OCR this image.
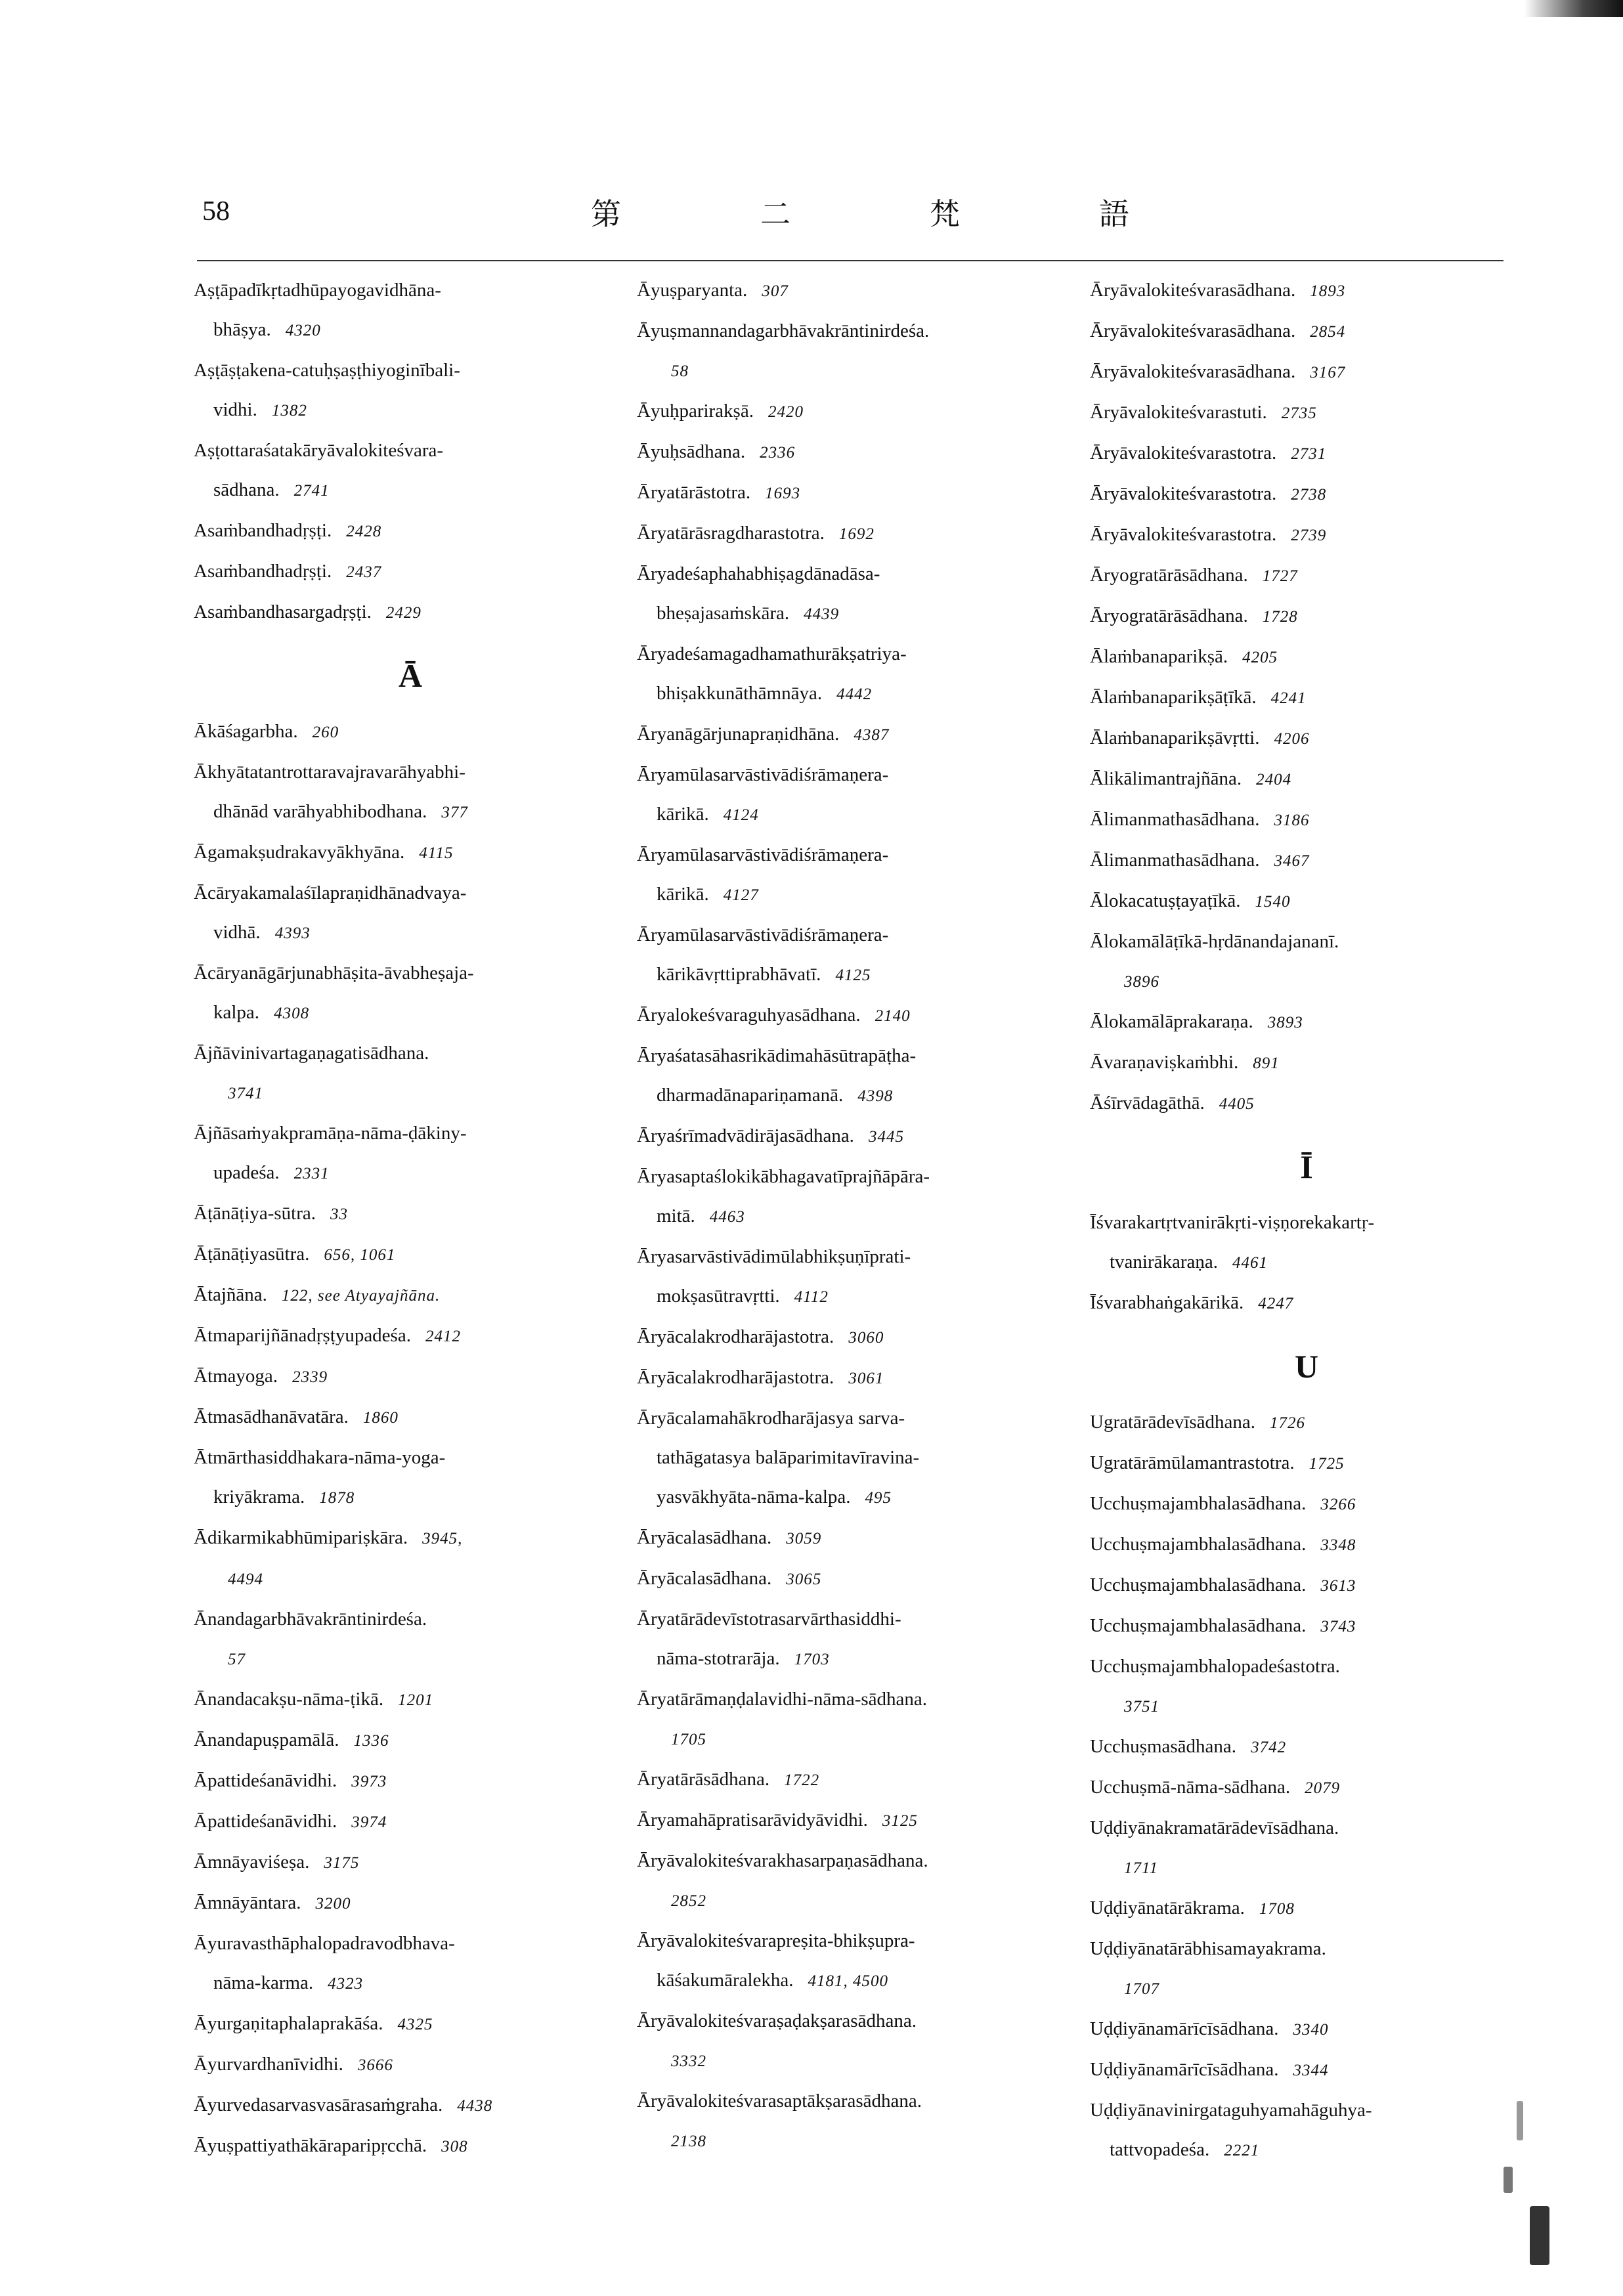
58	第	二	梵	語
Aṣṭāpadīkṛtadhūpayogavidhāna-
bhāṣya. 4320
Aṣṭāṣṭakena-catuḥṣaṣṭhiyoginībali-
vidhi. 1382
Aṣṭottaraśatakāryāvalokiteśvara-
sādhana. 2741
Asaṁbandhadṛṣṭi. 2428
Asaṁbandhadṛṣṭi. 2437
Asaṁbandhasargadṛṣṭi. 2429
Ā
Ākāśagarbha. 260
Ākhyātatantrottaravajravarāhyabhi-
dhānād varāhyabhibodhana. 377
Āgamakṣudrakavyākhyāna. 4115
Ācāryakamalaśīlapraṇidhānadvaya-
vidhā. 4393
Ācāryanāgārjunabhāṣita-āvabheṣaja-
kalpa. 4308
Ājñāvinivartagaṇagatisādhana.
3741
Ājñāsaṁyakpramāṇa-nāma-ḍākiny-
upadeśa. 2331
Āṭānāṭiya-sūtra. 33
Āṭānāṭiyasūtra. 656, 1061
Ātajñāna. 122, see Atyayajñāna.
Ātmaparijñānadṛṣṭyupadeśa. 2412
Ātmayoga. 2339
Ātmasādhanāvatāra. 1860
Ātmārthasiddhakara-nāma-yoga-
kriyākrama. 1878
Ādikarmikabhūmipariṣkāra. 3945,
4494
Ānandagarbhāvakrāntinirdeśa.
57
Ānandacakṣu-nāma-ṭikā. 1201
Ānandapuṣpamālā. 1336
Āpattideśanāvidhi. 3973
Āpattideśanāvidhi. 3974
Āmnāyaviśeṣa. 3175
Āmnāyāntara. 3200
Āyuravasthāphalopadravodbhava-
nāma-karma. 4323
Āyurgaṇitaphalaprakāśa. 4325
Āyurvardhanīvidhi. 3666
Āyurvedasarvasvasārasaṁgraha. 4438
Āyuṣpattiyathākāraparipṛcchā. 308
Āyuṣparyanta. 307
Āyuṣmannandagarbhāvakrāntinirdeśa.
58
Āyuḥparirakṣā. 2420
Āyuḥsādhana. 2336
Āryatārāstotra. 1693
Āryatārāsragdharastotra. 1692
Āryadeśaphahabhiṣagdānadāsa-
bheṣajasaṁskāra. 4439
Āryadeśamagadhamathurākṣatriya-
bhiṣakkunāthāmnāya. 4442
Āryanāgārjunapraṇidhāna. 4387
Āryamūlasarvāstivādiśrāmaṇera-
kārikā. 4124
Āryamūlasarvāstivādiśrāmaṇera-
kārikā. 4127
Āryamūlasarvāstivādiśrāmaṇera-
kārikāvṛttiprabhāvatī. 4125
Āryalokeśvaraguhyasādhana. 2140
Āryaśatasāhasrikādimahāsūtrapāṭha-
dharmadānapariṇamanā. 4398
Āryaśrīmadvādirājasādhana. 3445
Āryasaptaślokikābhagavatīprajñāpāra-
mitā. 4463
Āryasarvāstivādimūlabhikṣuṇīprati-
mokṣasūtravṛtti. 4112
Āryācalakrodharājastotra. 3060
Āryācalakrodharājastotra. 3061
Āryācalamahākrodharājasya sarva-
tathāgatasya balāparimitavīravina-
yasvākhyāta-nāma-kalpa. 495
Āryācalasādhana. 3059
Āryācalasādhana. 3065
Āryatārādevīstotrasarvārthasiddhi-
nāma-stotrarāja. 1703
Āryatārāmaṇḍalavidhi-nāma-sādhana.
1705
Āryatārāsādhana. 1722
Āryamahāpratisarāvidyāvidhi. 3125
Āryāvalokiteśvarakhasarpaṇasādhana.
2852
Āryāvalokiteśvarapreṣita-bhikṣupra-
kāśakumāralekha. 4181, 4500
Āryāvalokiteśvaraṣaḍakṣarasādhana.
3332
Āryāvalokiteśvarasaptākṣarasādhana.
2138
Āryāvalokiteśvarasādhana. 1893
Āryāvalokiteśvarasādhana. 2854
Āryāvalokiteśvarasādhana. 3167
Āryāvalokiteśvarastuti. 2735
Āryāvalokiteśvarastotra. 2731
Āryāvalokiteśvarastotra. 2738
Āryāvalokiteśvarastotra. 2739
Āryogratārāsādhana. 1727
Āryogratārāsādhana. 1728
Ālaṁbanaparikṣā. 4205
Ālaṁbanaparikṣāṭīkā. 4241
Ālaṁbanaparikṣāvṛtti. 4206
Ālikālimantrajñāna. 2404
Ālimanmathasādhana. 3186
Ālimanmathasādhana. 3467
Ālokacatuṣṭayaṭīkā. 1540
Ālokamālāṭīkā-hṛdānandajananī.
3896
Ālokamālāprakaraṇa. 3893
Āvaraṇaviṣkaṁbhi. 891
Āśīrvādagāthā. 4405
Ī
Īśvarakartṛtvanirākṛti-viṣṇorekakartṛ-
tvanirākaraṇa. 4461
Īśvarabhaṅgakārikā. 4247
U
Ugratārādevīsādhana. 1726
Ugratārāmūlamantrastotra. 1725
Ucchuṣmajambhalasādhana. 3266
Ucchuṣmajambhalasādhana. 3348
Ucchuṣmajambhalasādhana. 3613
Ucchuṣmajambhalasādhana. 3743
Ucchuṣmajambhalopadeśastotra.
3751
Ucchuṣmasādhana. 3742
Ucchuṣmā-nāma-sādhana. 2079
Uḍḍiyānakramatārādevīsādhana.
1711
Uḍḍiyānatārākrama. 1708
Uḍḍiyānatārābhisamayakrama.
1707
Uḍḍiyānamārīcīsādhana. 3340
Uḍḍiyānamārīcīsādhana. 3344
Uḍḍiyānavinirgataguhyamahāguhya-
tattvopadeśa. 2221
